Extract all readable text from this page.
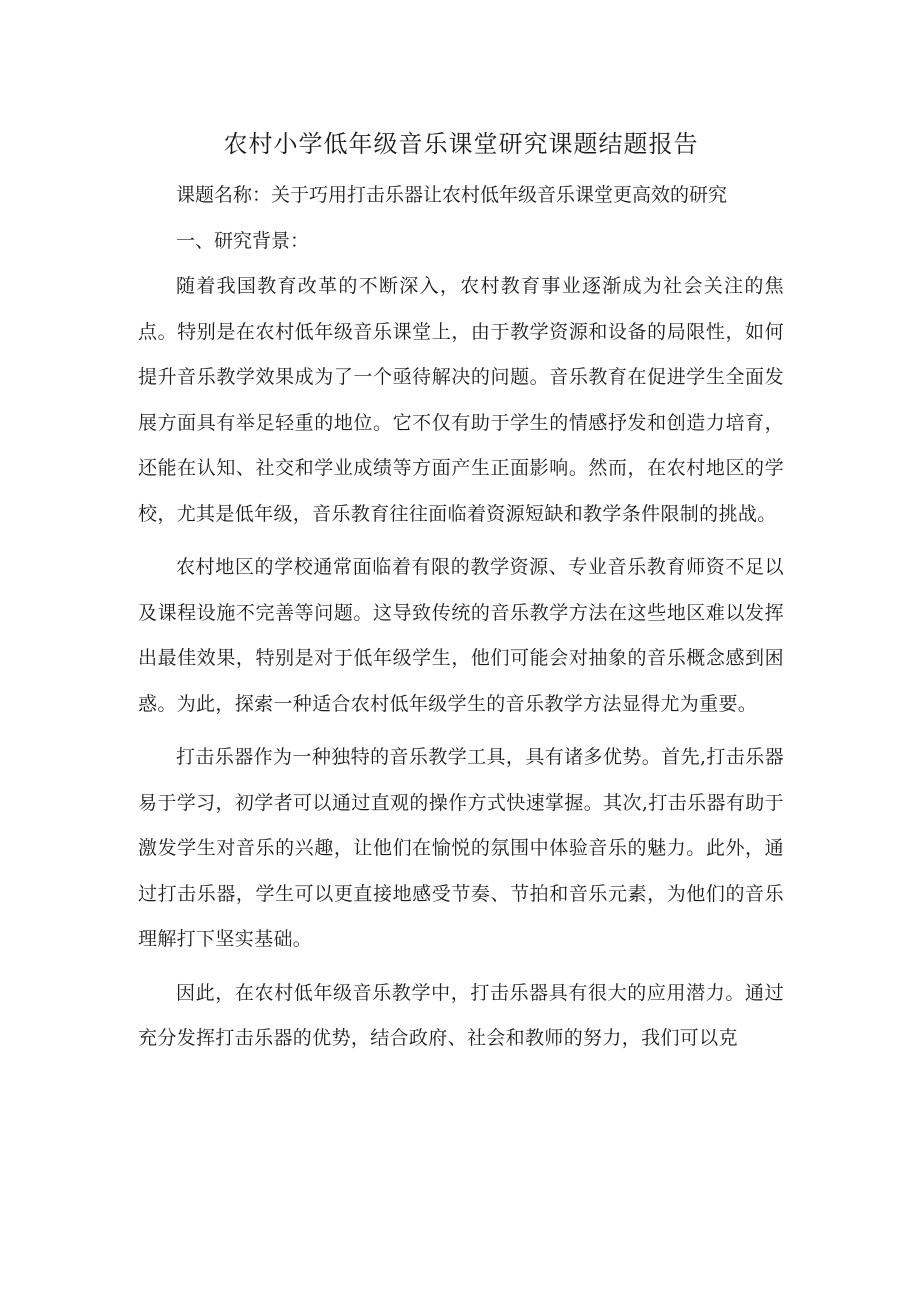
农村小学低年级音乐课堂研究课题结题报告

课题名称：关于巧用打击乐器让农村低年级音乐课堂更高效的研究

一、研究背景：

随着我国教育改革的不断深入，农村教育事业逐渐成为社会关注的焦点。特别是在农村低年级音乐课堂上，由于教学资源和设备的局限性，如何提升音乐教学效果成为了一个亟待解决的问题。音乐教育在促进学生全面发展方面具有举足轻重的地位。它不仅有助于学生的情感抒发和创造力培育，还能在认知、社交和学业成绩等方面产生正面影响。然而，在农村地区的学校，尤其是低年级，音乐教育往往面临着资源短缺和教学条件限制的挑战。

农村地区的学校通常面临着有限的教学资源、专业音乐教育师资不足以及课程设施不完善等问题。这导致传统的音乐教学方法在这些地区难以发挥出最佳效果，特别是对于低年级学生，他们可能会对抽象的音乐概念感到困惑。为此，探索一种适合农村低年级学生的音乐教学方法显得尤为重要。

打击乐器作为一种独特的音乐教学工具，具有诸多优势。首先,打击乐器易于学习，初学者可以通过直观的操作方式快速掌握。其次,打击乐器有助于激发学生对音乐的兴趣，让他们在愉悦的氛围中体验音乐的魅力。此外，通过打击乐器，学生可以更直接地感受节奏、节拍和音乐元素，为他们的音乐理解打下坚实基础。

因此，在农村低年级音乐教学中，打击乐器具有很大的应用潜力。通过充分发挥打击乐器的优势，结合政府、社会和教师的努力，我们可以克
